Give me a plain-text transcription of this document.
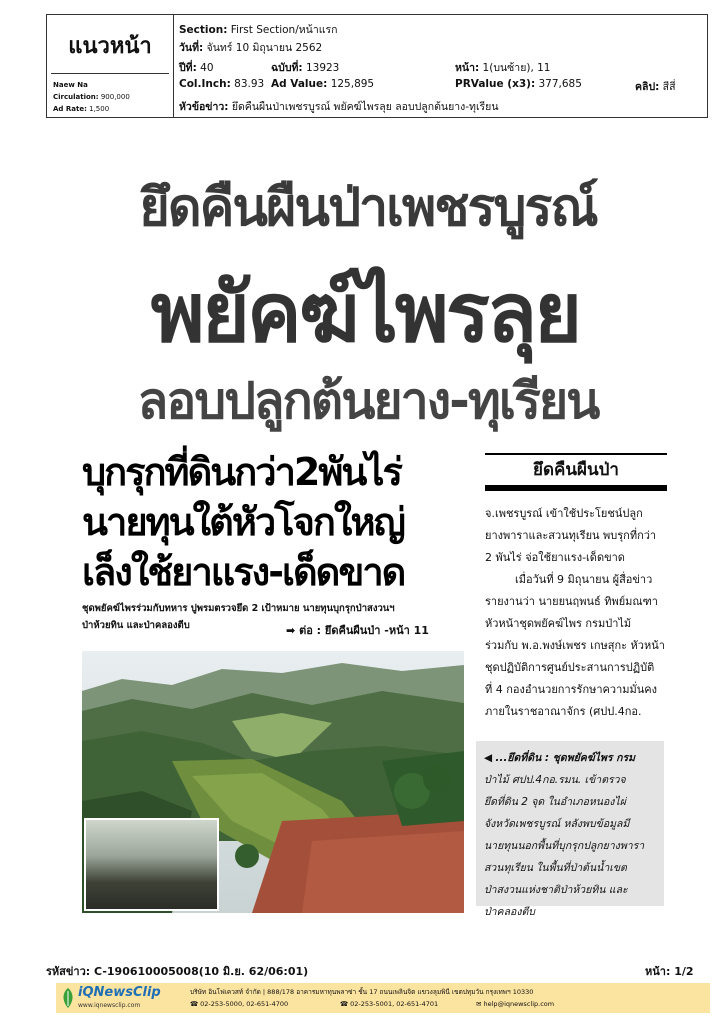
แนวหน้า
Naew Na
Circulation: 900,000
Ad Rate: 1,500
Section: First Section/หน้าแรก
วันที่: จันทร์ 10 มิถุนายน 2562
ปีที่: 40	ฉบับที่: 13923	หน้า: 1(บนซ้าย), 11
Col.Inch: 83.93 Ad Value: 125,895	PRValue (x3): 377,685	คลิป: สีสี่
หัวข้อข่าว: ยึดคืนผืนป่าเพชรบูรณ์ พยัคฆ์ไพรลุย ลอบปลูกต้นยาง-ทุเรียน
ยึดคืนผืนป่าเพชรบูรณ์
พยัคฆ์ไพรลุย
ลอบปลูกต้นยาง-ทุเรียน
บุกรุกที่ดินกว่า2พันไร่
นายทุนใต้หัวโจกใหญ่
เล็งใช้ยาแรง-เด็ดขาด
ชุดพยัคฆ์ไพรร่วมกับทหาร ปูพรมตรวจยึด 2 เป้าหมาย นายทุนบุกรุกป่าสงวนฯ
ป่าห้วยทิน และป่าคลองตีบ	➡ ต่อ : ยึดคืนผืนป่า -หน้า 11
ยึดคืนผืนป่า

จ.เพชรบูรณ์ เข้าใช้ประโยชน์ปลูก

ยางพาราและสวนทุเรียน พบรุกที่กว่า

2 พันไร่ จ่อใช้ยาแรง-เด็ดขาด

เมื่อวันที่ 9 มิถุนายน ผู้สื่อข่าว

รายงานว่า นายยนฤพนธ์ ทิพย์มณฑา

หัวหน้าชุดพยัคฆ์ไพร กรมป่าไม้

ร่วมกับ พ.อ.พงษ์เพชร เกษสุกะ หัวหน้า

ชุดปฏิบัติการศูนย์ประสานการปฏิบัติ

ที่ 4 กองอำนวยการรักษาความมั่นคง

ภายในราชอาณาจักร (ศปป.4กอ.

◀ ...ยึดที่ดิน : ชุดพยัคฆ์ไพร กรม
ป่าไม้ ศปป.4กอ.รมน. เข้าตรวจ
ยึดที่ดิน 2 จุด ในอำเภอหนองไผ่
จังหวัดเพชรบูรณ์ หลังพบข้อมูลมี
นายทุนนอกพื้นที่บุกรุกปลูกยางพารา
สวนทุเรียน ในพื้นที่ป่าต้นน้ำเขต
ป่าสงวนแห่งชาติป่าห้วยทิน และ
ป่าคลองตีบ
รหัสข่าว: C-190610005008(10 มิ.ย. 62/06:01)	หน้า: 1/2
iQNewsClip
www.iqnewsclip.com
บริษัท อินโฟเควสท์ จำกัด | 888/178 อาคารมหาทุนพลาซ่า ชั้น 17 ถนนเพลินจิต แขวงลุมพินี เขตปทุมวัน กรุงเทพฯ 10330
☎ 02-253-5000, 02-651-4700	☎ 02-253-5001, 02-651-4701	✉ help@iqnewsclip.com
